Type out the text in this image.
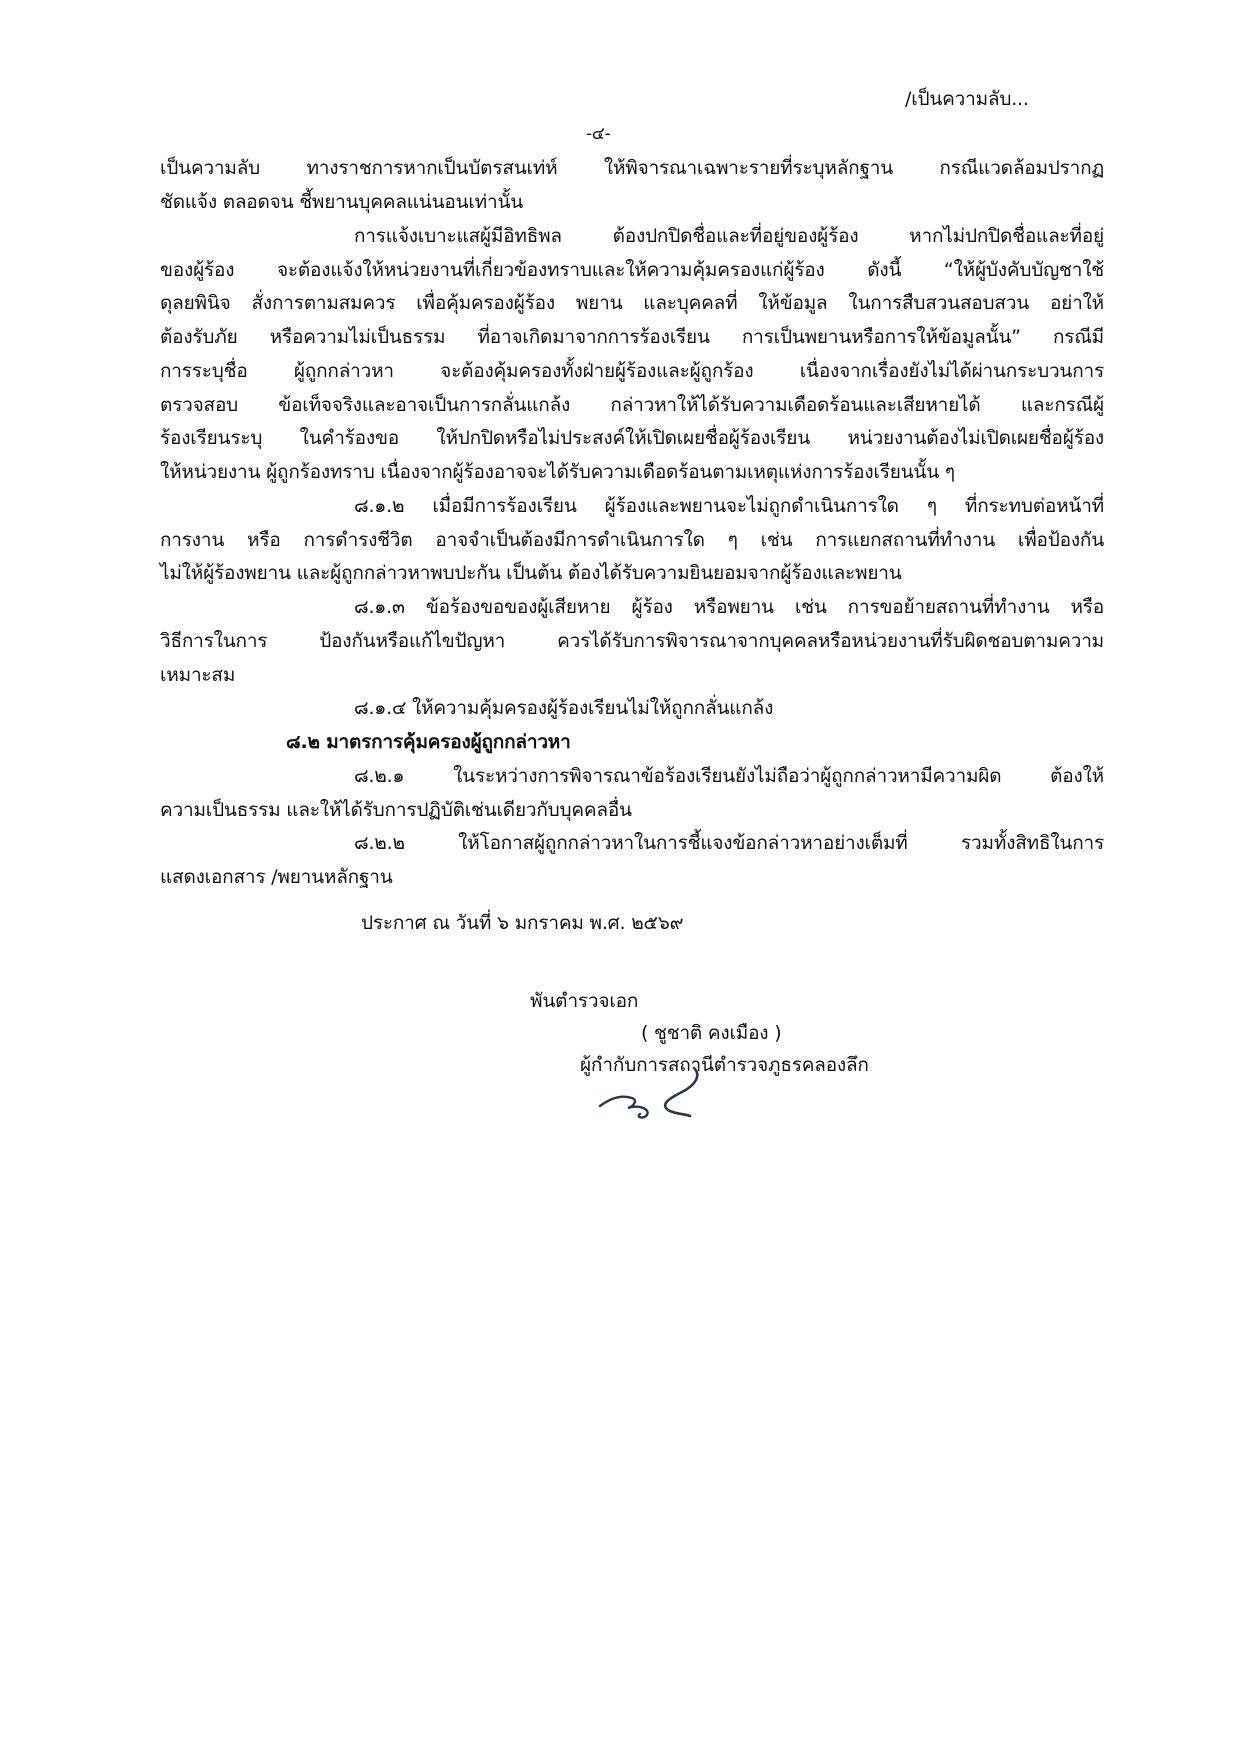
/เป็นความลับ...
-๔-
เป็นความลับ ทางราชการหากเป็นบัตรสนเท่ห์ ให้พิจารณาเฉพาะรายที่ระบุหลักฐาน กรณีแวดล้อมปรากฏ
ชัดแจ้ง ตลอดจน ชี้พยานบุคคลแน่นอนเท่านั้น
การแจ้งเบาะแสผู้มีอิทธิพล ต้องปกปิดชื่อและที่อยู่ของผู้ร้อง หากไม่ปกปิดชื่อและที่อยู่
ของผู้ร้อง จะต้องแจ้งให้หน่วยงานที่เกี่ยวข้องทราบและให้ความคุ้มครองแก่ผู้ร้อง ดังนี้ “ให้ผู้บังคับบัญชาใช้
ดุลยพินิจ สั่งการตามสมควร เพื่อคุ้มครองผู้ร้อง พยาน และบุคคลที่ ให้ข้อมูล ในการสืบสวนสอบสวน อย่าให้
ต้องรับภัย หรือความไม่เป็นธรรม ที่อาจเกิดมาจากการร้องเรียน การเป็นพยานหรือการให้ข้อมูลนั้น” กรณีมี
การระบุชื่อ ผู้ถูกกล่าวหา จะต้องคุ้มครองทั้งฝ่ายผู้ร้องและผู้ถูกร้อง เนื่องจากเรื่องยังไม่ได้ผ่านกระบวนการ
ตรวจสอบ ข้อเท็จจริงและอาจเป็นการกลั่นแกล้ง กล่าวหาให้ได้รับความเดือดร้อนและเสียหายได้ และกรณีผู้
ร้องเรียนระบุ ในคำร้องขอ ให้ปกปิดหรือไม่ประสงค์ให้เปิดเผยชื่อผู้ร้องเรียน หน่วยงานต้องไม่เปิดเผยชื่อผู้ร้อง
ให้หน่วยงาน ผู้ถูกร้องทราบ เนื่องจากผู้ร้องอาจจะได้รับความเดือดร้อนตามเหตุแห่งการร้องเรียนนั้น ๆ
๘.๑.๒ เมื่อมีการร้องเรียน ผู้ร้องและพยานจะไม่ถูกดำเนินการใด ๆ ที่กระทบต่อหน้าที่
การงาน หรือ การดำรงชีวิต อาจจำเป็นต้องมีการดำเนินการใด ๆ เช่น การแยกสถานที่ทำงาน เพื่อป้องกัน
ไม่ให้ผู้ร้องพยาน และผู้ถูกกล่าวหาพบปะกัน เป็นต้น ต้องได้รับความยินยอมจากผู้ร้องและพยาน
๘.๑.๓ ข้อร้องขอของผู้เสียหาย ผู้ร้อง หรือพยาน เช่น การขอย้ายสถานที่ทำงาน หรือ
วิธีการในการ ป้องกันหรือแก้ไขปัญหา ควรได้รับการพิจารณาจากบุคคลหรือหน่วยงานที่รับผิดชอบตามความ
เหมาะสม
๘.๑.๔ ให้ความคุ้มครองผู้ร้องเรียนไม่ให้ถูกกลั่นแกล้ง
๘.๒ มาตรการคุ้มครองผู้ถูกกล่าวหา
๘.๒.๑ ในระหว่างการพิจารณาข้อร้องเรียนยังไม่ถือว่าผู้ถูกกล่าวหามีความผิด ต้องให้
ความเป็นธรรม และให้ได้รับการปฏิบัติเช่นเดียวกับบุคคลอื่น
๘.๒.๒ ให้โอกาสผู้ถูกกล่าวหาในการชี้แจงข้อกล่าวหาอย่างเต็มที่ รวมทั้งสิทธิในการ
แสดงเอกสาร /พยานหลักฐาน
ประกาศ ณ วันที่ ๖ มกราคม พ.ศ. ๒๕๖๙
พันตำรวจเอก
( ชูชาติ คงเมือง )
ผู้กำกับการสถานีตำรวจภูธรคลองลึก
